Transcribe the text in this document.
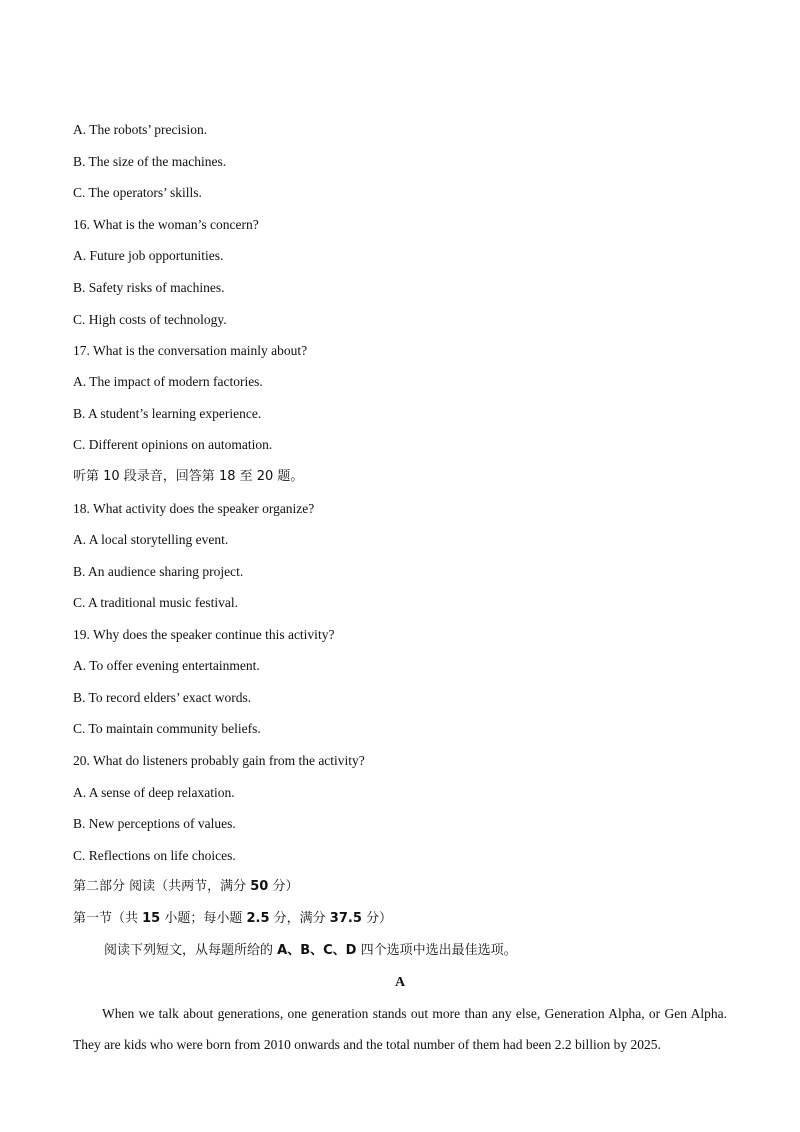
A. The robots’ precision.
B. The size of the machines.
C. The operators’ skills.
16. What is the woman’s concern?
A. Future job opportunities.
B. Safety risks of machines.
C. High costs of technology.
17. What is the conversation mainly about?
A. The impact of modern factories.
B. A student’s learning experience.
C. Different opinions on automation.
听第 10 段录音，回答第 18 至 20 题。
18. What activity does the speaker organize?
A. A local storytelling event.
B. An audience sharing project.
C. A traditional music festival.
19. Why does the speaker continue this activity?
A. To offer evening entertainment.
B. To record elders’ exact words.
C. To maintain community beliefs.
20. What do listeners probably gain from the activity?
A. A sense of deep relaxation.
B. New perceptions of values.
C. Reflections on life choices.
第二部分 阅读（共两节，满分 50 分）
第一节（共 15 小题；每小题 2.5 分，满分 37.5 分）
阅读下列短文，从每题所给的 A、B、C、D 四个选项中选出最佳选项。
A
When we talk about generations, one generation stands out more than any else, Generation Alpha, or Gen Alpha. They are kids who were born from 2010 onwards and the total number of them had been 2.2 billion by 2025.
